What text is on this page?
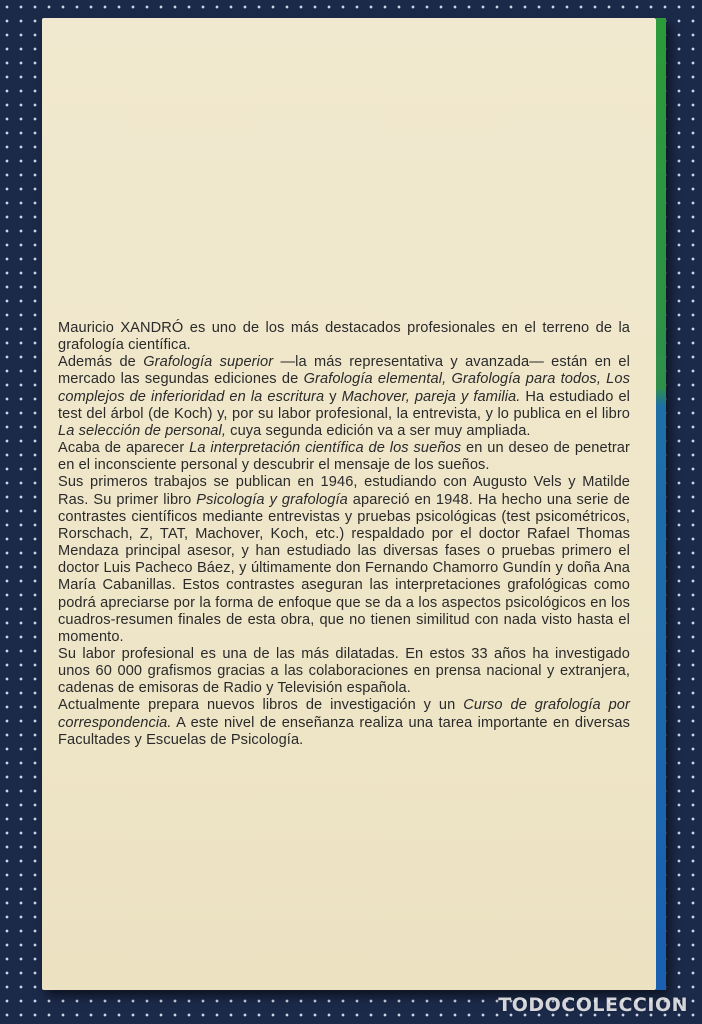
Mauricio XANDRÓ es uno de los más destacados profesionales en el terreno de la grafología científica.

Además de Grafología superior —la más representativa y avanzada— están en el mercado las segundas ediciones de Grafología elemental, Grafología para todos, Los complejos de inferioridad en la escritura y Machover, pareja y familia. Ha estudiado el test del árbol (de Koch) y, por su labor profesional, la entrevista, y lo publica en el libro La selección de personal, cuya segunda edición va a ser muy ampliada.

Acaba de aparecer La interpretación científica de los sueños en un deseo de penetrar en el inconsciente personal y descubrir el mensaje de los sueños.

Sus primeros trabajos se publican en 1946, estudiando con Augusto Vels y Matilde Ras. Su primer libro Psicología y grafología apareció en 1948. Ha hecho una serie de contrastes científicos mediante entrevistas y pruebas psicológicas (test psicométricos, Rorschach, Z, TAT, Machover, Koch, etc.) respaldado por el doctor Rafael Thomas Mendaza principal asesor, y han estudiado las diversas fases o pruebas primero el doctor Luis Pacheco Báez, y últimamente don Fernando Chamorro Gundín y doña Ana María Cabanillas. Estos contrastes aseguran las interpretaciones grafológicas como podrá apreciarse por la forma de enfoque que se da a los aspectos psicológicos en los cuadros-resumen finales de esta obra, que no tienen similitud con nada visto hasta el momento.

Su labor profesional es una de las más dilatadas. En estos 33 años ha investigado unos 60 000 grafismos gracias a las colaboraciones en prensa nacional y extranjera, cadenas de emisoras de Radio y Televisión española.

Actualmente prepara nuevos libros de investigación y un Curso de grafología por correspondencia. A este nivel de enseñanza realiza una tarea importante en diversas Facultades y Escuelas de Psicología.

TODOCOLECCION
